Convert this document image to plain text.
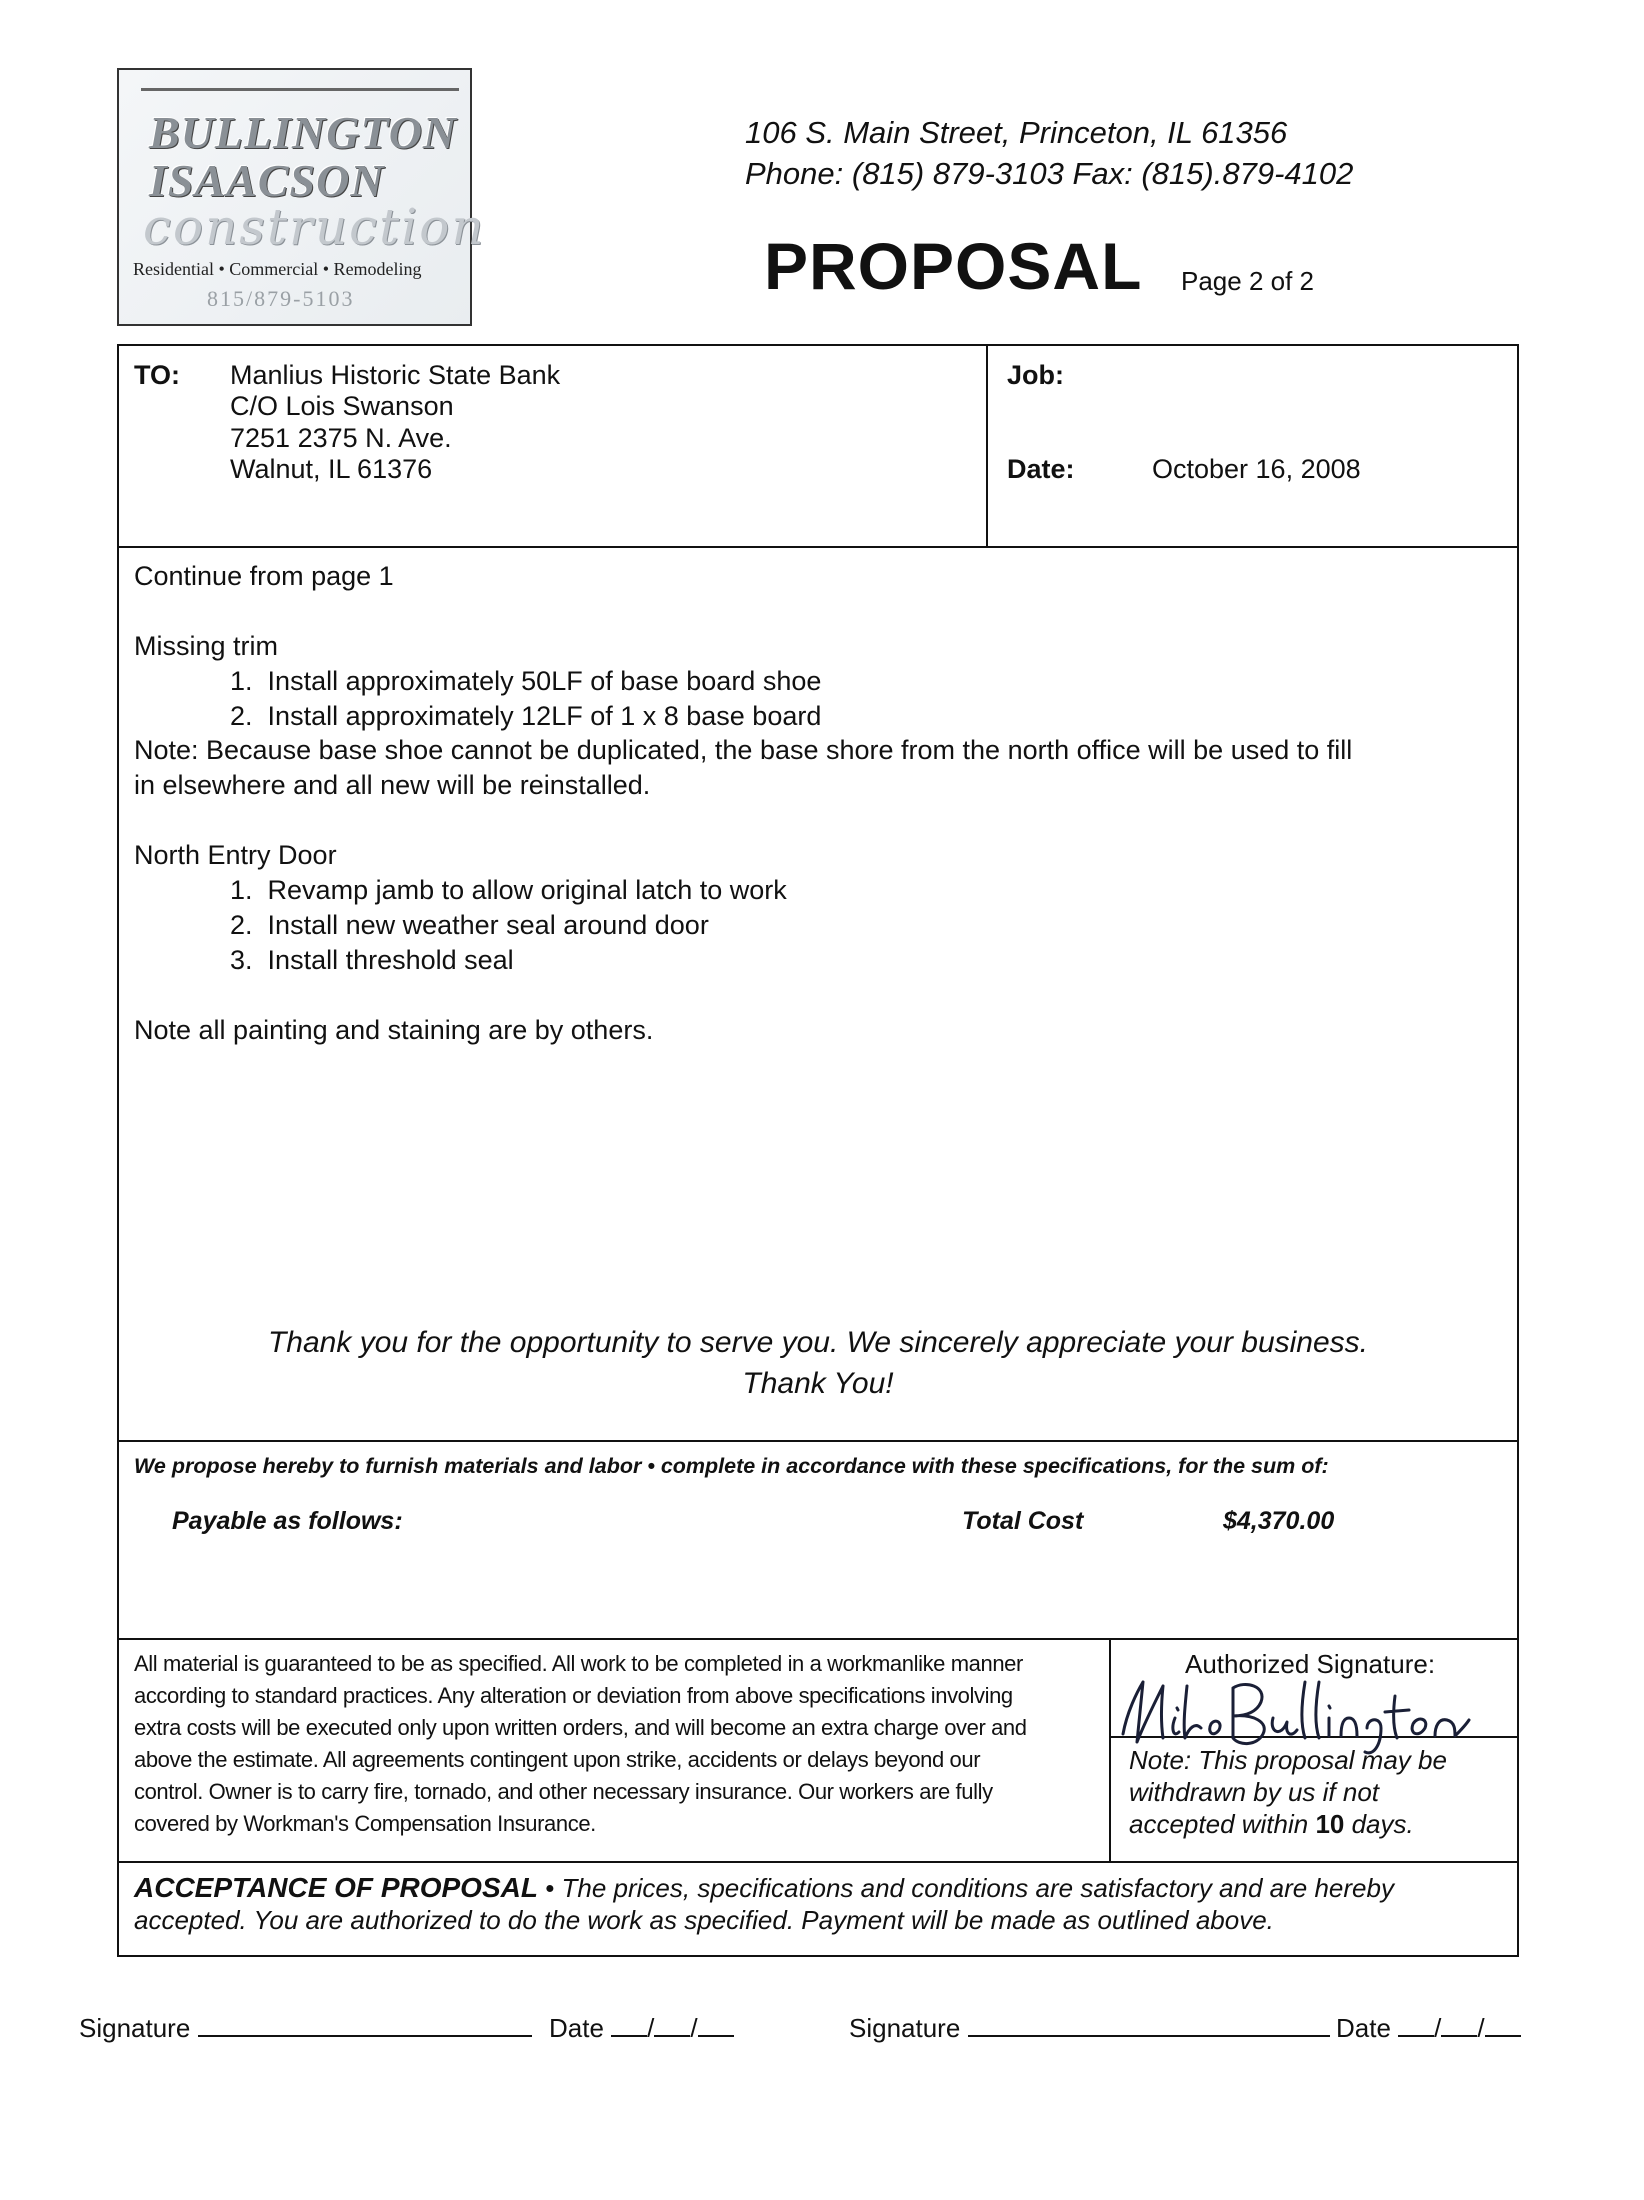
BULLINGTON
ISAACSON
construction
Residential • Commercial • Remodeling
815/879-5103
106 S. Main Street, Princeton, IL 61356
Phone: (815) 879-3103 Fax: (815).879-4102
PROPOSAL Page 2 of 2
TO: Manlius Historic State Bank
C/O Lois Swanson
7251 2375 N. Ave.
Walnut, IL 61376
Job:
Date:	October 16, 2008
Continue from page 1
Missing trim
1. Install approximately 50LF of base board shoe
2. Install approximately 12LF of 1 x 8 base board
Note: Because base shoe cannot be duplicated, the base shore from the north office will be used to fill
in elsewhere and all new will be reinstalled.
North Entry Door
1. Revamp jamb to allow original latch to work
2. Install new weather seal around door
3. Install threshold seal
Note all painting and staining are by others.
Thank you for the opportunity to serve you. We sincerely appreciate your business.
Thank You!
We propose hereby to furnish materials and labor • complete in accordance with these specifications, for the sum of:
Payable as follows:	Total Cost	$4,370.00
All material is guaranteed to be as specified. All work to be completed in a workmanlike manner
according to standard practices. Any alteration or deviation from above specifications involving
extra costs will be executed only upon written orders, and will become an extra charge over and
above the estimate. All agreements contingent upon strike, accidents or delays beyond our
control. Owner is to carry fire, tornado, and other necessary insurance. Our workers are fully
covered by Workman's Compensation Insurance.
Authorized Signature:
Note: This proposal may be
withdrawn by us if not
accepted within 10 days.
ACCEPTANCE OF PROPOSAL • The prices, specifications and conditions are satisfactory and are hereby
accepted. You are authorized to do the work as specified. Payment will be made as outlined above.
Signature	Date / /	Signature	Date / /
